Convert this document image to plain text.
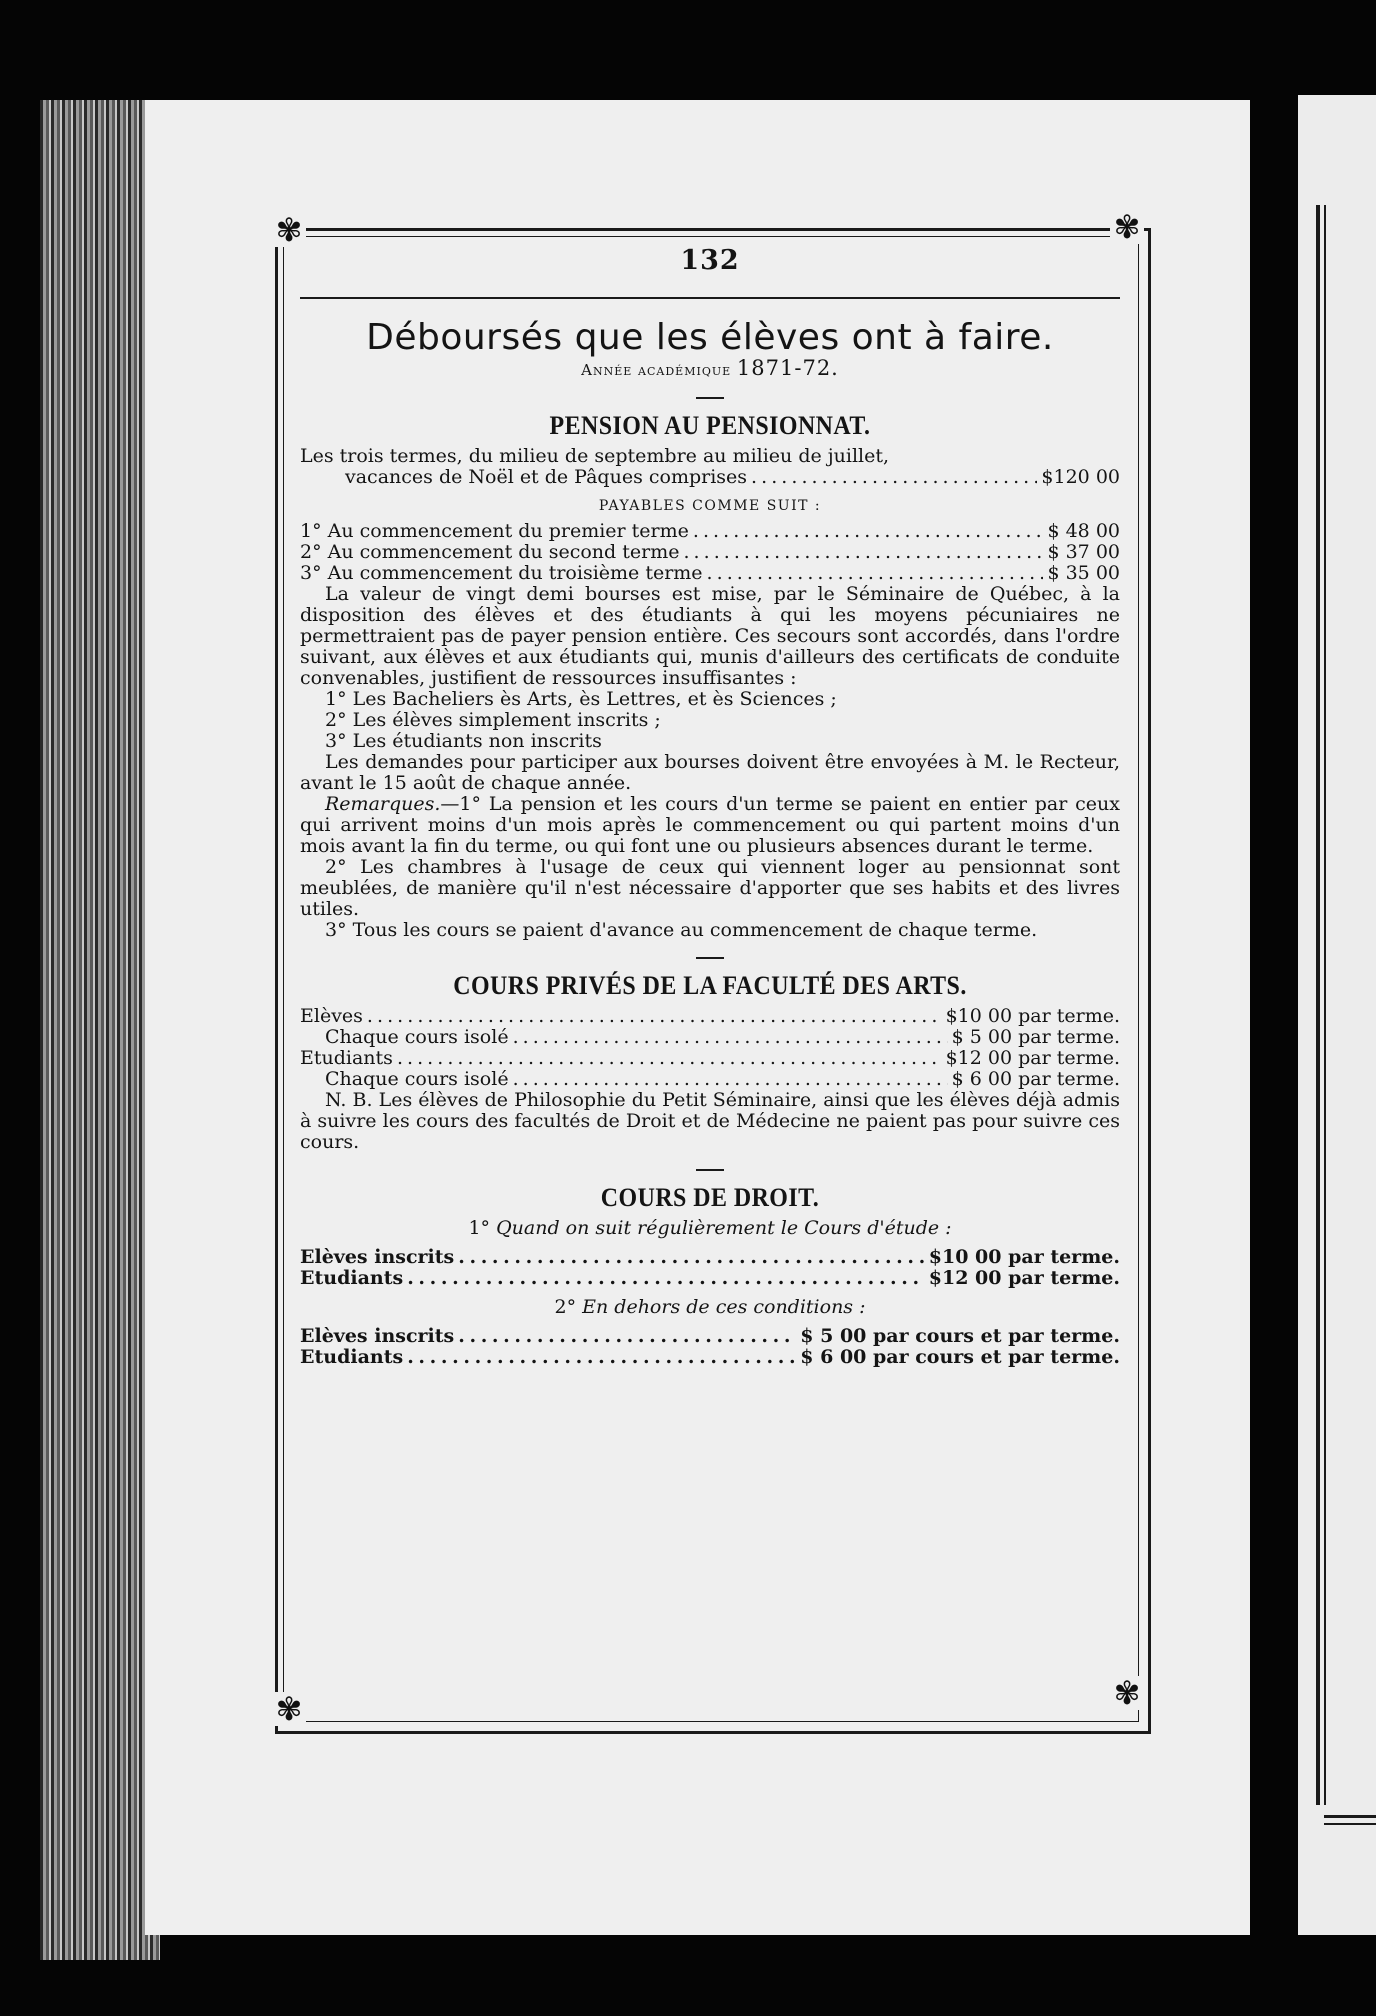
✾	✾
✾	✾
132
Déboursés que les élèves ont à faire.
Année académique 1871-72.
PENSION AU PENSIONNAT.

Les trois termes, du milieu de septembre au milieu de juillet,

vacances de Noël et de Pâques comprises . . .	$120 00
PAYABLES COMME SUIT :
1° Au commencement du premier terme . . .	$ 48 00
2° Au commencement du second terme . . .	$ 37 00
3° Au commencement du troisième terme . . .	$ 35 00

La valeur de vingt demi bourses est mise, par le Séminaire de Québec, à la disposition des élèves et des étudiants à qui les moyens pécuniaires ne permettraient pas de payer pension entière. Ces secours sont accordés, dans l'ordre suivant, aux élèves et aux étudiants qui, munis d'ailleurs des certificats de conduite convenables, justifient de ressources insuffisantes :

1° Les Bacheliers ès Arts, ès Lettres, et ès Sciences ;

2° Les élèves simplement inscrits ;

3° Les étudiants non inscrits

Les demandes pour participer aux bourses doivent être envoyées à M. le Recteur, avant le 15 août de chaque année.

Remarques.—1° La pension et les cours d'un terme se paient en entier par ceux qui arrivent moins d'un mois après le commencement ou qui partent moins d'un mois avant la fin du terme, ou qui font une ou plusieurs absences durant le terme.

2° Les chambres à l'usage de ceux qui viennent loger au pensionnat sont meublées, de manière qu'il n'est nécessaire d'apporter que ses habits et des livres utiles.

3° Tous les cours se paient d'avance au commencement de chaque terme.

COURS PRIVÉS DE LA FACULTÉ DES ARTS.
Elèves . . .	$10 00 par terme.
Chaque cours isolé . . .	$ 5 00 par terme.
Etudiants . . .	$12 00 par terme.
Chaque cours isolé . . .	$ 6 00 par terme.

N. B. Les élèves de Philosophie du Petit Séminaire, ainsi que les élèves déjà admis à suivre les cours des facultés de Droit et de Médecine ne paient pas pour suivre ces cours.

COURS DE DROIT.
1° Quand on suit régulièrement le Cours d'étude :
Elèves inscrits . . .	$10 00 par terme.
Etudiants . . .	$12 00 par terme.
2° En dehors de ces conditions :
Elèves inscrits . . .	$ 5 00 par cours et par terme.
Etudiants . . .	$ 6 00 par cours et par terme.
